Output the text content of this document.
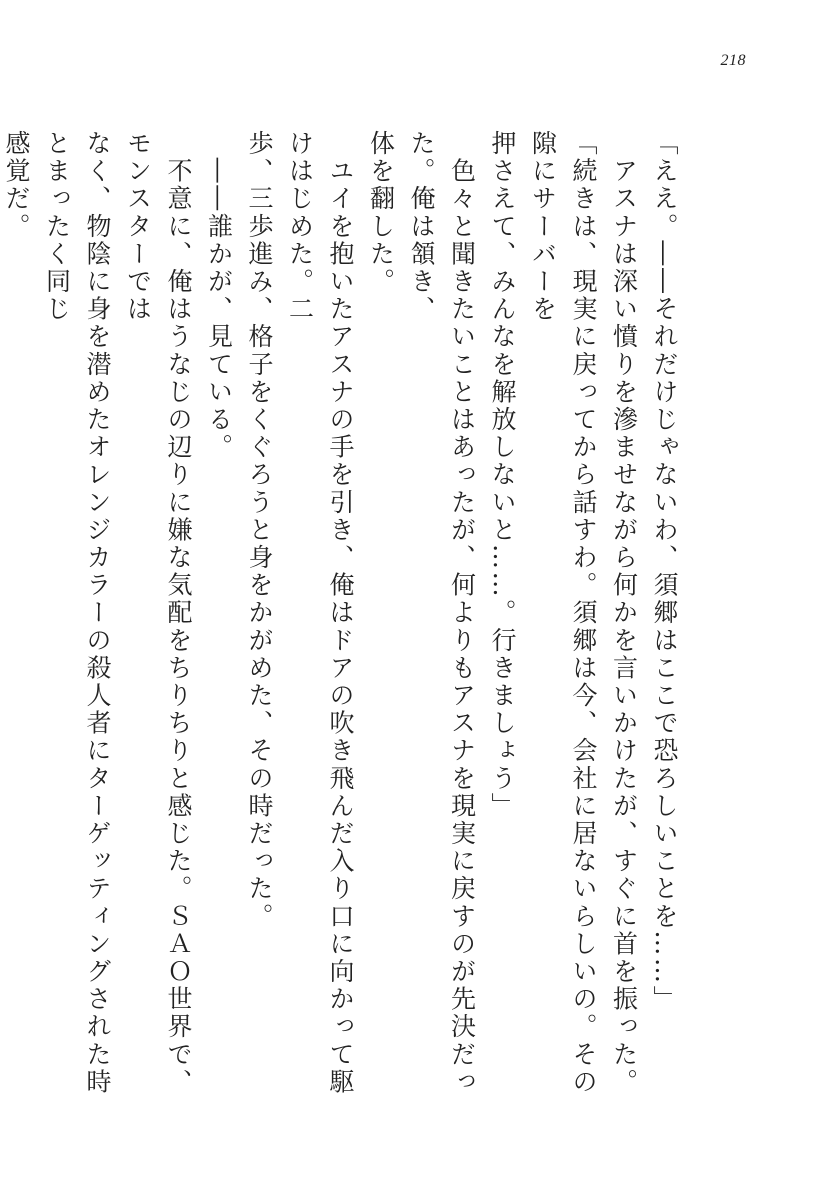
218

「ええ。――それだけじゃないわ、須郷はここで恐ろしいことを……」

　アスナは深い憤りを滲ませながら何かを言いかけたが、すぐに首を振った。

「続きは、現実に戻ってから話すわ。須郷は今、会社に居ないらしいの。その隙にサーバーを

押さえて、みんなを解放しないと……。行きましょう」

　色々と聞きたいことはあったが、何よりもアスナを現実に戻すのが先決だった。俺は頷き、

体を翻した。

　ユイを抱いたアスナの手を引き、俺はドアの吹き飛んだ入り口に向かって駆けはじめた。二

歩、三歩進み、格子をくぐろうと身をかがめた、その時だった。

　――誰かが、見ている。

　不意に、俺はうなじの辺りに嫌な気配をちりちりと感じた。ＳＡＯ世界で、モンスターでは

なく、物陰に身を潜めたオレンジカラーの殺人者にターゲッティングされた時とまったく同じ

感覚だ。
